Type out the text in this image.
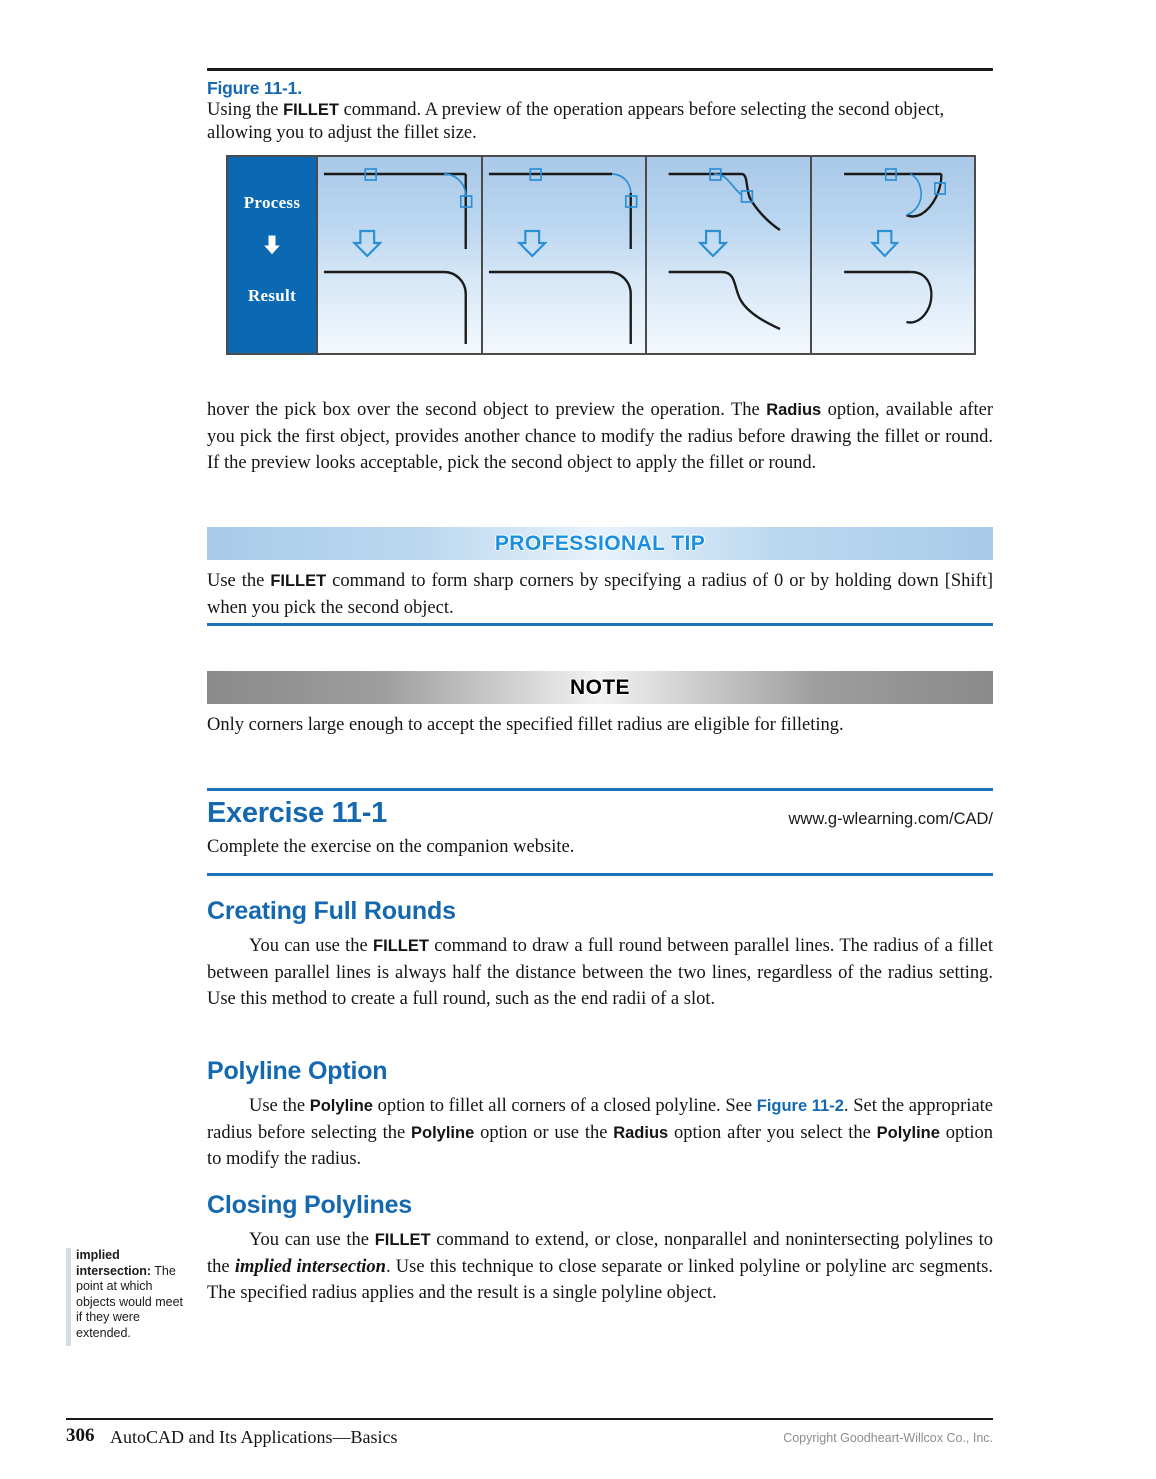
Figure 11-1.
Using the FILLET command. A preview of the operation appears before selecting the second object, allowing you to adjust the fillet size.
Process
Result
hover the pick box over the second object to preview the operation. The Radius option, available after you pick the first object, provides another chance to modify the radius before drawing the fillet or round. If the preview looks acceptable, pick the second object to apply the fillet or round.
PROFESSIONAL TIP
Use the FILLET command to form sharp corners by specifying a radius of 0 or by holding down [Shift] when you pick the second object.
NOTE
Only corners large enough to accept the specified fillet radius are eligible for filleting.
Exercise 11-1	www.g-wlearning.com/CAD/
Complete the exercise on the companion website.
Creating Full Rounds
You can use the FILLET command to draw a full round between parallel lines. The radius of a fillet between parallel lines is always half the distance between the two lines, regardless of the radius setting. Use this method to create a full round, such as the end radii of a slot.
Polyline Option
Use the Polyline option to fillet all corners of a closed polyline. See Figure 11-2. Set the appropriate radius before selecting the Polyline option or use the Radius option after you select the Polyline option to modify the radius.
Closing Polylines
You can use the FILLET command to extend, or close, nonparallel and noninter​secting polylines to the implied intersection. Use this technique to close separate or linked polyline or polyline arc segments. The specified radius applies and the result is a single polyline object.
implied intersection: The point at which objects would meet if they were extended.
306 AutoCAD and Its Applications—Basics	Copyright Goodheart-Willcox Co., Inc.
